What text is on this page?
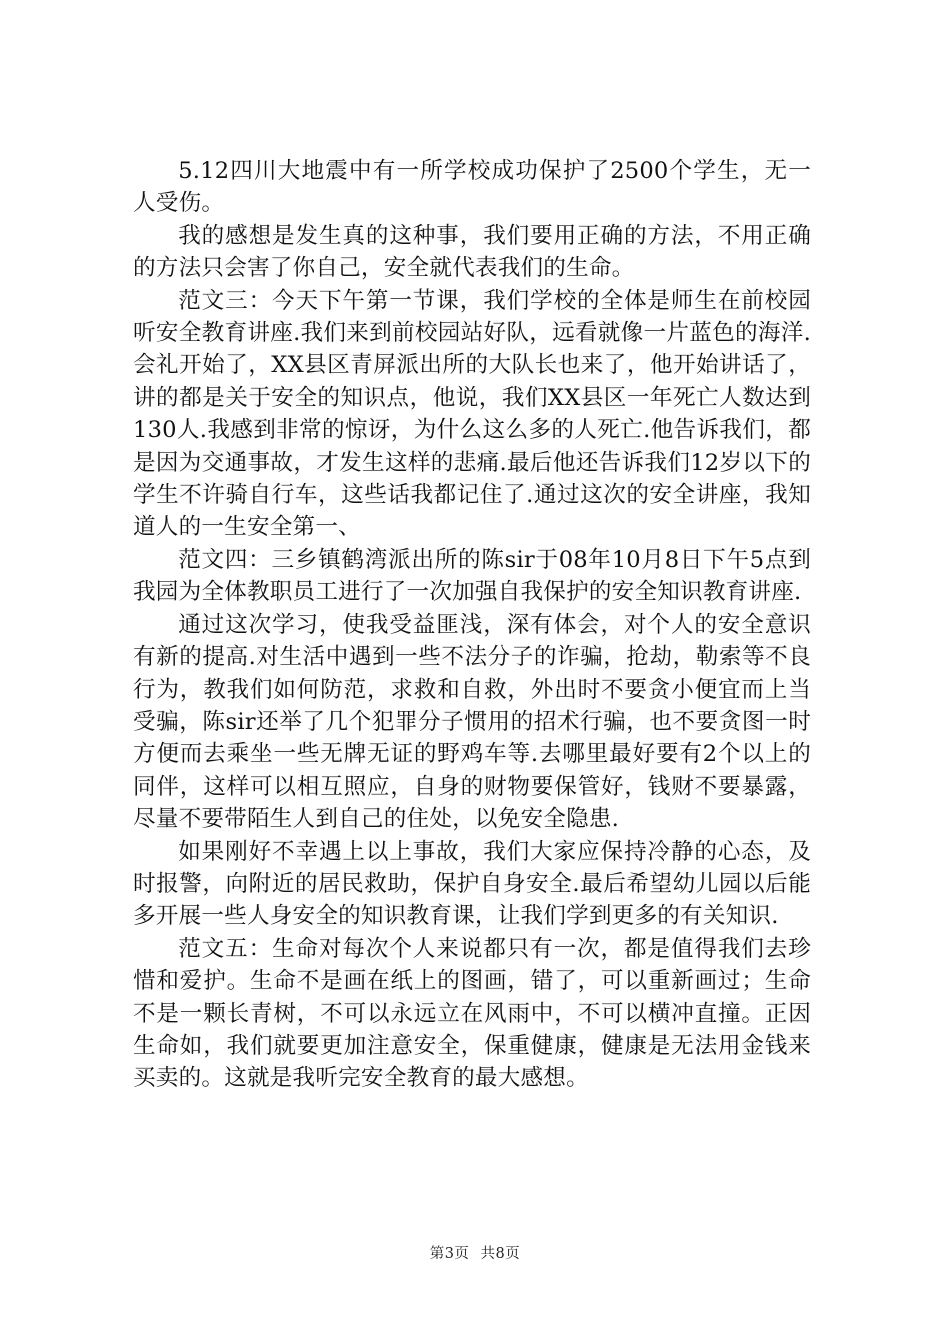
5.12四川大地震中有一所学校成功保护了2500个学生，无一人受伤。

我的感想是发生真的这种事，我们要用正确的方法，不用正确的方法只会害了你自己，安全就代表我们的生命。

范文三：今天下午第一节课，我们学校的全体是师生在前校园听安全教育讲座.我们来到前校园站好队，远看就像一片蓝色的海洋.会礼开始了，XX县区青屏派出所的大队长也来了，他开始讲话了，讲的都是关于安全的知识点，他说，我们XX县区一年死亡人数达到130人.我感到非常的惊讶，为什么这么多的人死亡.他告诉我们，都是因为交通事故，才发生这样的悲痛.最后他还告诉我们12岁以下的学生不许骑自行车，这些话我都记住了.通过这次的安全讲座，我知道人的一生安全第一、

范文四：三乡镇鹤湾派出所的陈sir于08年10月8日下午5点到我园为全体教职员工进行了一次加强自我保护的安全知识教育讲座.

通过这次学习，使我受益匪浅，深有体会，对个人的安全意识有新的提高.对生活中遇到一些不法分子的诈骗，抢劫，勒索等不良行为，教我们如何防范，求救和自救，外出时不要贪小便宜而上当受骗，陈sir还举了几个犯罪分子惯用的招术行骗，也不要贪图一时方便而去乘坐一些无牌无证的野鸡车等.去哪里最好要有2个以上的同伴，这样可以相互照应，自身的财物要保管好，钱财不要暴露，尽量不要带陌生人到自己的住处，以免安全隐患.

如果刚好不幸遇上以上事故，我们大家应保持冷静的心态，及时报警，向附近的居民救助，保护自身安全.最后希望幼儿园以后能多开展一些人身安全的知识教育课，让我们学到更多的有关知识.

范文五：生命对每次个人来说都只有一次，都是值得我们去珍惜和爱护。生命不是画在纸上的图画，错了，可以重新画过；生命不是一颗长青树，不可以永远立在风雨中，不可以横冲直撞。正因生命如，我们就要更加注意安全，保重健康，健康是无法用金钱来买卖的。这就是我听完安全教育的最大感想。

第3页 共8页
